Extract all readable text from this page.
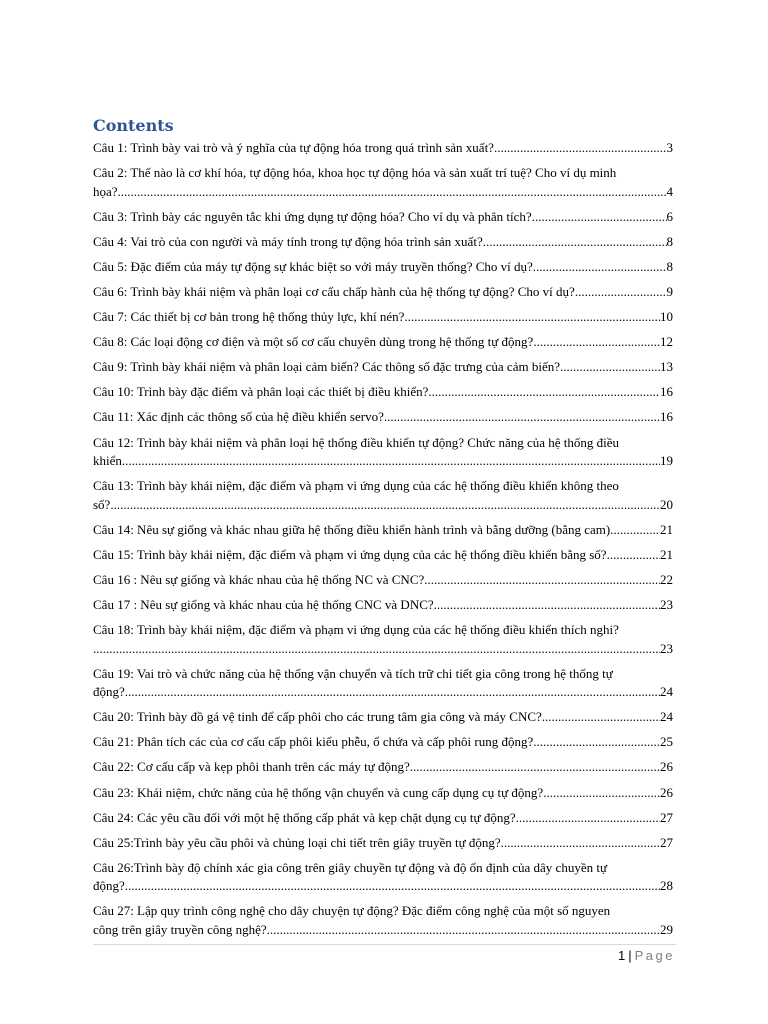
Contents
Câu 1: Trình bày vai trò và ý nghĩa của tự động hóa trong quá trình sản xuất? .....	3
Câu 2: Thế nào là cơ khí hóa, tự động hóa, khoa học tự động hóa và sản xuất trí tuệ? Cho ví dụ minh
họa? .....	4
Câu 3: Trình bày các nguyên tắc khi ứng dụng tự động hóa? Cho ví dụ và phân tích? .....	6
Câu 4: Vai trò của con người và máy tính trong tự động hóa trình sản xuất? .....	8
Câu 5: Đặc điểm của máy tự động sự khác biệt so với máy truyền thống? Cho ví dụ? .....	8
Câu 6: Trình bày khái niệm và phân loại cơ cấu chấp hành của hệ thống tự động? Cho ví dụ? .....	9
Câu 7: Các thiết bị cơ bản trong hệ thống thủy lực, khí nén? .....	10
Câu 8: Các loại động cơ điện và một số cơ cấu chuyên dùng trong hệ thống tự động? .....	12
Câu 9: Trình bày khái niệm và phân loại cảm biến? Các thông số đặc trưng của cảm biến? .....	13
Câu 10: Trình bày đặc điểm và phân loại các thiết bị điều khiển? .....	16
Câu 11: Xác định các thông số của hệ điều khiển servo? .....	16
Câu 12: Trình bày khái niệm và phân loại hệ thống điều khiển tự động? Chức năng của hệ thống điều
khiển .....	19
Câu 13: Trình bày khái niệm, đặc điểm và phạm vi ứng dụng của các hệ thống điều khiển không theo
số? .....	20
Câu 14: Nêu sự giống và khác nhau giữa hệ thống điều khiển hành trình và bằng dưỡng (bằng cam) .....	21
Câu 15: Trình bày khái niệm, đặc điểm và phạm vi ứng dụng của các hệ thống điều khiển bằng số?. .....	21
Câu 16 : Nêu sự giống và khác nhau của hệ thống NC và CNC? .....	22
Câu 17 : Nêu sự giống và khác nhau của hệ thống CNC và DNC? .....	23
Câu 18: Trình bày khái niệm, đặc điểm và phạm vi ứng dụng của các hệ thống điều khiển thích nghi?
.....
23
Câu 19: Vai trò và chức năng của hệ thống vận chuyển và tích trữ chi tiết gia công trong hệ thống tự
động? .....	24
Câu 20: Trình bày đồ gá vệ tinh để cấp phôi cho các trung tâm gia công và máy CNC? .....	24
Câu 21: Phân tích các của cơ cấu cấp phôi kiểu phễu, ổ chứa và cấp phôi rung động? .....	25
Câu 22: Cơ cấu cấp và kẹp phôi thanh trên các máy tự động? .....	26
Câu 23: Khái niệm, chức năng của hệ thống vận chuyển và cung cấp dụng cụ tự động? .....	26
Câu 24: Các yêu cầu đối với một hệ thống cấp phát và kẹp chặt dụng cụ tự động? .....	27
Câu 25:Trình bày yêu cầu phôi và chủng loại chi tiết trên giây truyền tự động? .....	27
Câu 26:Trình bày độ chính xác gia công trên giây chuyền tự động và độ ổn định của dây chuyền tự
động? .....	28
Câu 27: Lập quy trình công nghệ cho dây chuyện tự động? Đặc điểm công nghệ của một số nguyen
công trên giây truyền công nghệ? .....	29
1 | Page
